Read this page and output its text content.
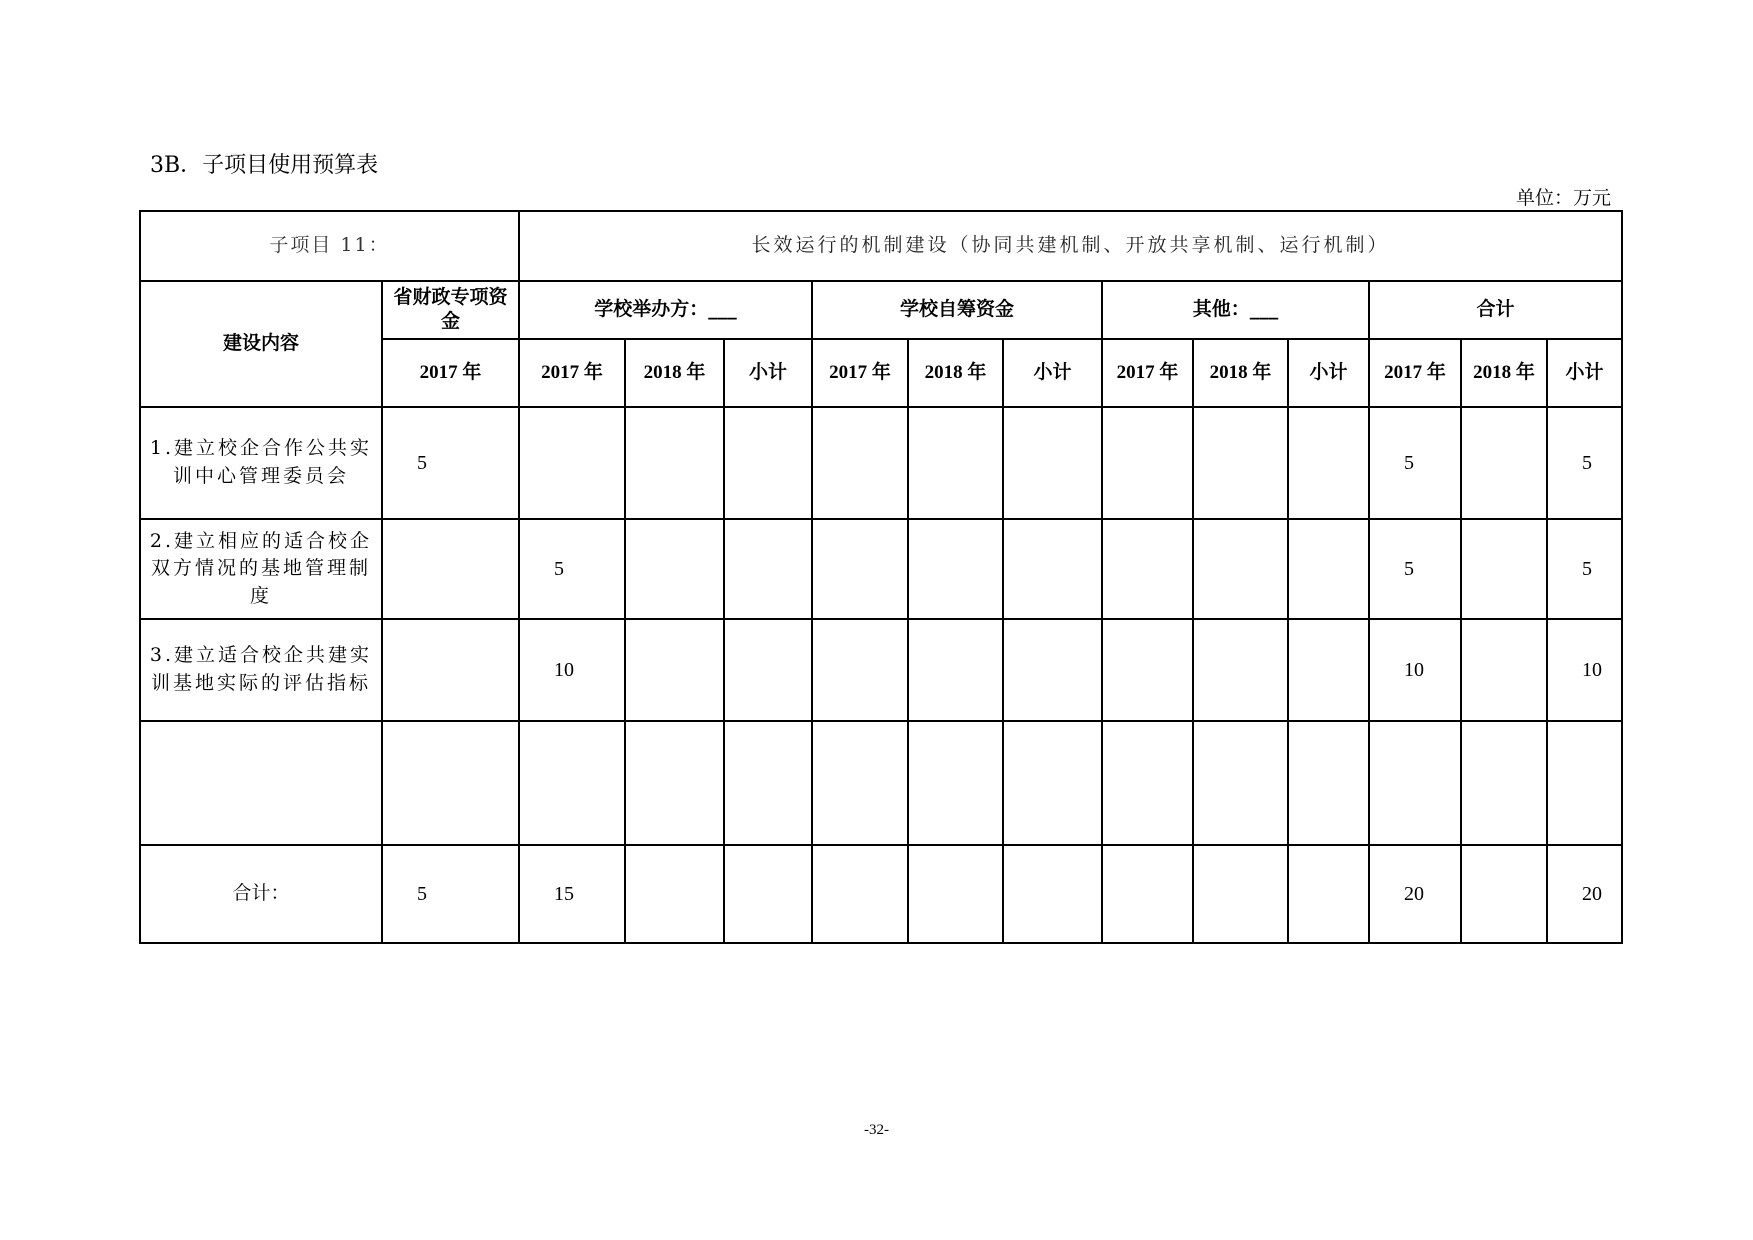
3B．子项目使用预算表
单位：万元
子项目 11：		长效运行的机制建设（协同共建机制、开放共享机制、运行机制）											
建设内容	省财政专项资金	学校举办方：___			学校自筹资金			其他：___			合计		
	2017 年	2017 年	2018 年	小计	2017 年	2018 年	小计	2017 年	2018 年	小计	2017 年	2018 年	小计
1.建立校企合作公共实训中心管理委员会	5										5		5
2.建立相应的适合校企双方情况的基地管理制度		5									5		5
3.建立适合校企共建实训基地实际的评估指标		10									10		10

合计：	5	15									20		20
-32-
